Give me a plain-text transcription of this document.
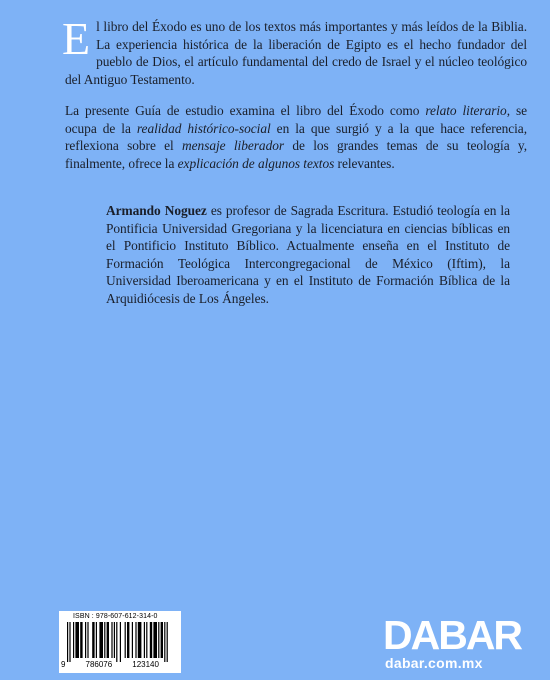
El libro del Éxodo es uno de los textos más importantes y más leídos de la Biblia. La experiencia histórica de la liberación de Egipto es el hecho fundador del pueblo de Dios, el artículo fundamental del credo de Israel y el núcleo teológico del Antiguo Testamento.
La presente Guía de estudio examina el libro del Éxodo como relato literario, se ocupa de la realidad histórico-social en la que surgió y a la que hace referencia, reflexiona sobre el mensaje liberador de los grandes temas de su teología y, finalmente, ofrece la explicación de algunos textos relevantes.
Armando Noguez es profesor de Sagrada Escritura. Estudió teología en la Pontificia Universidad Gregoriana y la licenciatura en ciencias bíblicas en el Pontificio Instituto Bíblico. Actualmente enseña en el Instituto de Formación Teológica Intercongregacional de México (Iftim), la Universidad Iberoamericana y en el Instituto de Formación Bíblica de la Arquidiócesis de Los Ángeles.
ISBN : 978-607-612-314-0
9	786076	123140
DABAR
dabar.com.mx
